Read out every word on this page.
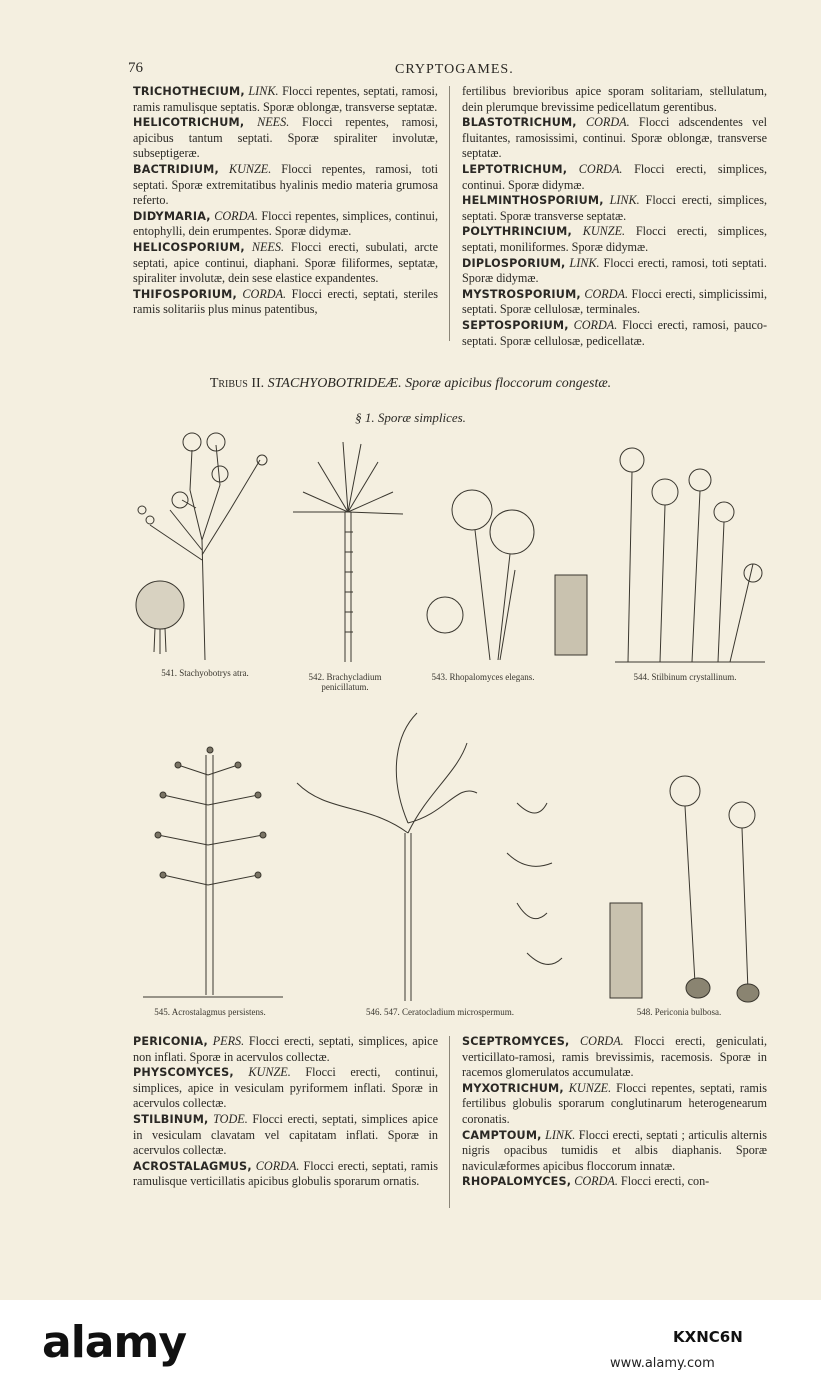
76	CRYPTOGAMES.

TRICHOTHECIUM, LINK. Flocci repentes, septati, ramosi, ramis ramulisque septatis. Sporæ oblongæ, transverse septatæ.

HELICOTRICHUM, NEES. Flocci repentes, ramosi, apicibus tantum septati. Sporæ spiraliter involutæ, subseptigeræ.

BACTRIDIUM, KUNZE. Flocci repentes, ramosi, toti septati. Sporæ extremitatibus hyalinis medio materia grumosa referto.

DIDYMARIA, CORDA. Flocci repentes, simplices, continui, entophylli, dein erumpentes. Sporæ didymæ.

HELICOSPORIUM, NEES. Flocci erecti, subulati, arcte septati, apice continui, diaphani. Sporæ filiformes, septatæ, spiraliter involutæ, dein sese elastice expandentes.

THIFOSPORIUM, CORDA. Flocci erecti, septati, steriles ramis solitariis plus minus patentibus,

fertilibus brevioribus apice sporam solitariam, stellulatum, dein plerumque brevissime pedicellatum gerentibus.

BLASTOTRICHUM, CORDA. Flocci adscendentes vel fluitantes, ramosissimi, continui. Sporæ oblongæ, transverse septatæ.

LEPTOTRICHUM, CORDA. Flocci erecti, simplices, continui. Sporæ didymæ.

HELMINTHOSPORIUM, LINK. Flocci erecti, simplices, septati. Sporæ transverse septatæ.

POLYTHRINCIUM, KUNZE. Flocci erecti, simplices, septati, moniliformes. Sporæ didymæ.

DIPLOSPORIUM, LINK. Flocci erecti, ramosi, toti septati. Sporæ didymæ.

MYSTROSPORIUM, CORDA. Flocci erecti, simplicissimi, septati. Sporæ cellulosæ, terminales.

SEPTOSPORIUM, CORDA. Flocci erecti, ramosi, pauco-septati. Sporæ cellulosæ, pedicellatæ.

Tribus II. STACHYOBOTRIDEÆ. Sporæ apicibus floccorum congestæ.
§ 1. Sporæ simplices.
541. Stachyobotrys atra.	542. Brachycladium penicillatum.
543. Rhopalomyces elegans.	544. Stilbinum crystallinum.
545. Acrostalagmus persistens.	546. 547. Ceratocladium microspermum.	548. Periconia bulbosa.

PERICONIA, PERS. Flocci erecti, septati, simplices, apice non inflati. Sporæ in acervulos collectæ.

PHYSCOMYCES, KUNZE. Flocci erecti, continui, simplices, apice in vesiculam pyriformem inflati. Sporæ in acervulos collectæ.

STILBINUM, TODE. Flocci erecti, septati, simplices apice in vesiculam clavatam vel capitatam inflati. Sporæ in acervulos collectæ.

ACROSTALAGMUS, CORDA. Flocci erecti, septati, ramis ramulisque verticillatis apicibus globulis sporarum ornatis.

SCEPTROMYCES, CORDA. Flocci erecti, geniculati, verticillato-ramosi, ramis brevissimis, racemosis. Sporæ in racemos glomerulatos accumulatæ.

MYXOTRICHUM, KUNZE. Flocci repentes, septati, ramis fertilibus globulis sporarum conglutinarum heterogenearum coronatis.

CAMPTOUM, LINK. Flocci erecti, septati ; articulis alternis nigris opacibus tumidis et albis diaphanis. Sporæ naviculæformes apicibus floccorum innatæ.

RHOPALOMYCES, CORDA. Flocci erecti, con-

alamy	KXNC6N
www.alamy.com
